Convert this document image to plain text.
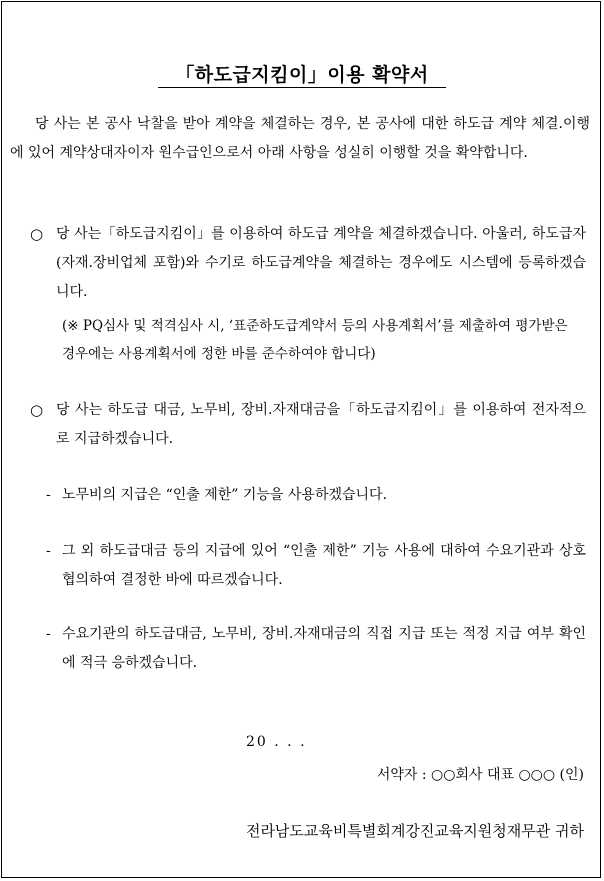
「하도급지킴이」이용 확약서
당 사는 본 공사 낙찰을 받아 계약을 체결하는 경우, 본 공사에 대한 하도급 계약 체결.이행에 있어 계약상대자이자 원수급인으로서 아래 사항을 성실히 이행할 것을 확약합니다.
○ 당 사는「하도급지킴이」를 이용하여 하도급 계약을 체결하겠습니다. 아울러, 하도급자(자재.장비업체 포함)와 수기로 하도급계약을 체결하는 경우에도 시스템에 등록하겠습니다.
(※ PQ심사 및 적격심사 시, ‘표준하도급계약서 등의 사용계획서’를 제출하여 평가받은 경우에는 사용계획서에 정한 바를 준수하여야 합니다)
○ 당 사는 하도급 대금, 노무비, 장비.자재대금을「하도급지킴이」를 이용하여 전자적으로 지급하겠습니다.
- 노무비의 지급은 “인출 제한” 기능을 사용하겠습니다.
- 그 외 하도급대금 등의 지급에 있어 “인출 제한” 기능 사용에 대하여 수요기관과 상호 협의하여 결정한 바에 따르겠습니다.
- 수요기관의 하도급대금, 노무비, 장비.자재대금의 직접 지급 또는 적정 지급 여부 확인에 적극 응하겠습니다.
20 . . .
서약자 : ○○회사 대표 ○○○ (인)
전라남도교육비특별회계강진교육지원청재무관 귀하
